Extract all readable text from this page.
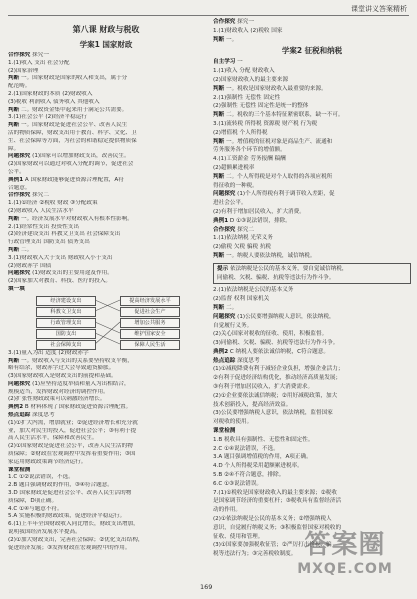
课堂讲义答案精析
第八课 财政与税收
学案1 国家财政
合作探究 探究一
1.(1)收入 支出 社会分配
(2)国家治理
判断 一。国家财政是国家的收入和支出，属于分
配范畴。
2.(1)国家财政的本质 (2)财政收入
(3)税收 利润收入 债务收入 其他收入
判断 二。财政资金集中起来用于满足公共需要。
3.(1)社会公平 (2)经济平稳运行
判断 一。国家财政是促进社会公平、改善人民生
活的物质保障，财政支出用于教育、科学、文化、卫
生、社会保障等方面，为社会的和谐稳定提供物质保
障。
问题探究 (1)国家可以增加财政支出，改善民生。
(2)国家财政可以通过对收入分配的调节，促进社会
公平。
典例1 A 国家财政能够促进资源合理配置，A符
合题意。
合作探究 探究二
1.(1)①经济 ②税收 财政 ③分配政策
(2)财政收入 人民生活水平
判断 一。经济发展水平对财政收入有根本性影响。
2.(1)经常性支出 投资性支出
(2)经济建设支出 科教文卫支出 社会保障支出
行政管理支出 国防支出 债务支出
判断 二。
3.(1)财政收入大于支出 财政收入小于支出
(2)财政赤字 国债
问题探究 (1)财政支出的主要用途及作用。
(2)国家加大对教育、科技、医疗的投入。
填一填
经济建设支出
科教文卫支出
行政管理支出
国防支出
社会保障支出
提高经济发展水平
促进社会生产
增加公共服务
维护国家安全
保障人民生活
3.(1)量入为出 适度 (2)财政赤字
判断 一。财政收入与支出的关系要坚持收支平衡，
略有结余，财政赤字过大会导致通货膨胀。
(3)国家财政收入是财政支出的前提和基础。
问题探究 (1)应坚持适度举债和量入为出相结合，
规模适当，发挥财政对经济的调控作用。
(2)扩张性财政政策可以刺激经济增长。
典例2 B 材料体现了国家财政促进资源合理配置。
热点追踪 深度思考
(1)①扩大内需，增加就业；②促进经济增长和充分就
业，加大对民生的投入，促进社会公平；③有利于提
高人民生活水平，保障和改善民生。
(2)①国家财政是促进社会公平，改善人民生活的物
质保障；②财政在宏观调控中发挥着重要作用；③国
家运用财政政策调节经济运行。
课堂检测
1.C ①②说法错误，不选。
2.B 题目强调财政的作用，③④符合题意。
3.D 国家财政是促进社会公平、改善人民生活的物
质保障，D项正确。
4.C ①④与题意不符。
5.A 实施积极的财政政策，促进经济平稳运行。
6.(1)上半年全国财政收入同比增长，财政支出增加，
说明我国经济发展水平提高。
(2)①加大财政支出，完善社会保障；②优化支出结构，
促进经济发展；③发挥财政在宏观调控中的作用。
合作探究 探究一
1.(1)财政收入 (2)税收 国家
判断 一。
学案2 征税和纳税
自主学习 一
1.(1)收入 分配 财政收入
(2)国家财政收入的最主要来源
判断 一。税收是国家财政收入最重要的来源。
2.(1)强制性 无偿性 固定性
(2)强制性 无偿性 固定性是统一的整体
判断 二。税收的三个基本特征紧密联系，缺一不可。
3.(1)流转税 所得税 资源税 财产税 行为税
(2)增值税 个人所得税
判断 一。增值税的征税对象是商品生产、流通和
劳务服务各个环节的增值额。
4.(1)工资薪金 劳务报酬 稿酬
(2)超额累进税率
判断 二。个人所得税是对个人取得的各项应税所
得征收的一种税。
问题探究 (1)个人所得税有利于调节收入差距，促
进社会公平。
(2)有利于增加居民收入，扩大消费。
典例1 D ①③说法错误，排除。
合作探究 探究二
1.(1)依法纳税 光荣义务
(2)偷税 欠税 骗税 抗税
判断 一。纳税人要依法纳税，诚信纳税。
提示 依法纳税是公民的基本义务，要自觉诚信纳税，
同偷税、欠税、骗税、抗税等违法行为作斗争。
2.(1)依法纳税是公民的基本义务
(2)监督 权利 国家机关
判断 二。
问题探究 (1)公民要增强纳税人意识，依法纳税，
自觉履行义务。
(2)关心国家对税收的征收、使用，积极监督。
(3)同偷税、欠税、骗税、抗税等违法行为作斗争。
典例2 C 纳税人要依法诚信纳税，C符合题意。
热点追踪 深度思考
(1)①减税降费有利于减轻企业负担，增强企业活力；
②有利于促进经济结构优化，推动经济高质量发展；
③有利于增加居民收入，扩大消费需求。
(2)①企业要依法诚信纳税；②用好减税政策，加大
技术创新投入，提高经济效益。
(3)公民要增强纳税人意识，依法纳税，监督国家
对税收的使用。
课堂检测
1.B 税收具有强制性、无偿性和固定性。
2.C ①④说法错误，不选。
3.A 题目强调增值税的作用，A项正确。
4.D 个人所得税采用超额累进税率。
5.B ②④不符合题意，排除。
6.C ①③说法错误。
7.(1)①税收是国家财政收入的最主要来源；②税收
是国家调节经济的重要杠杆；③税收具有监督经济活
动的作用。
(2)①依法纳税是公民的基本义务；②增强纳税人
意识，自觉履行纳税义务；③积极监督国家对税收的
征收、使用和管理。
(3)①国家要加强税收征管；②严厉打击偷税、骗
税等违法行为；③完善税收制度。
169
答案圈
MXQE.COM
